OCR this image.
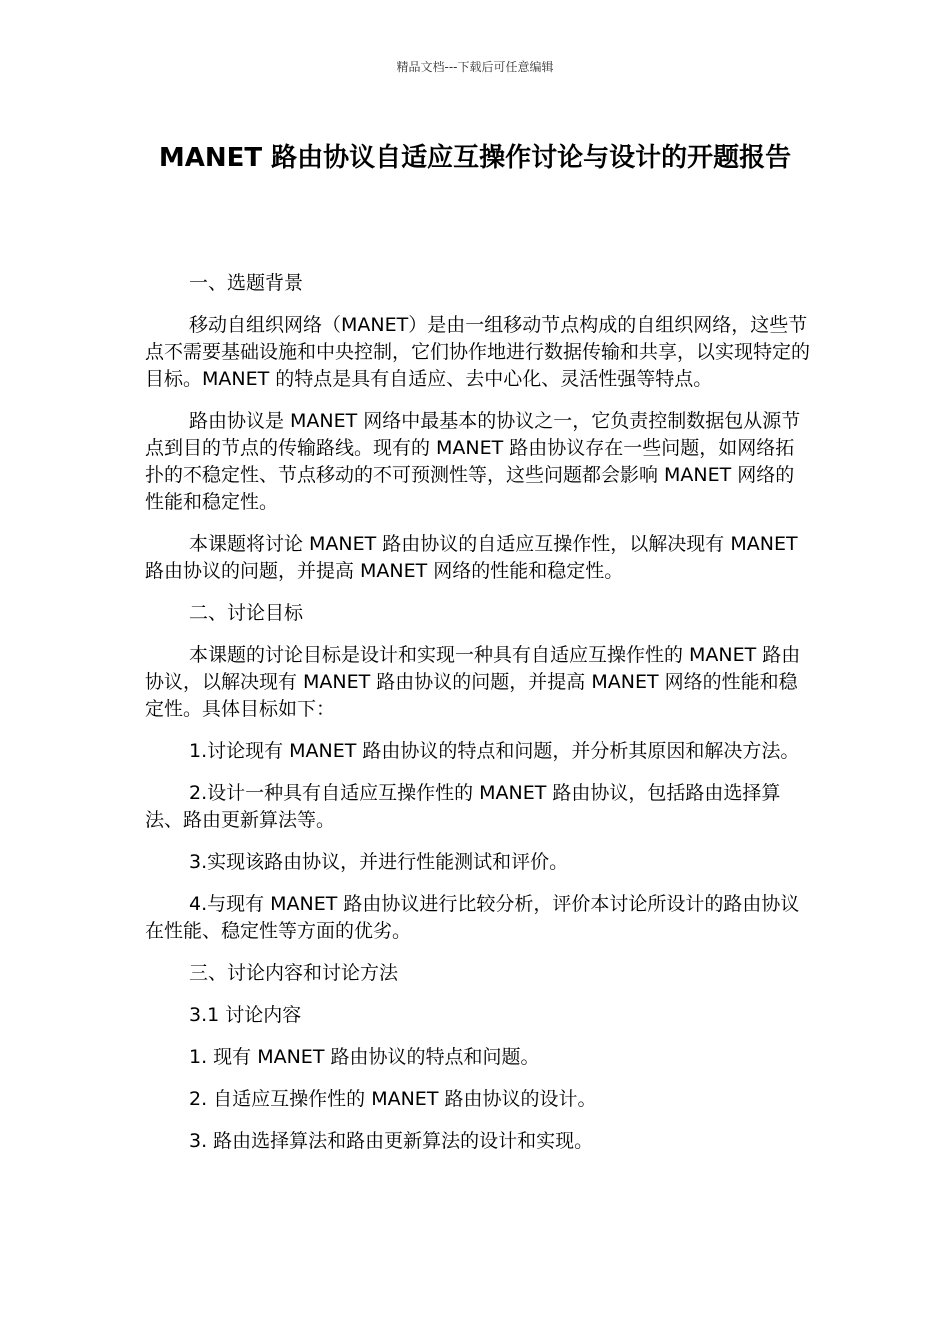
精品文档---下载后可任意编辑
MANET 路由协议自适应互操作讨论与设计的开题报告

一、选题背景

移动自组织网络（MANET）是由一组移动节点构成的自组织网络，这些节点不需要基础设施和中央控制，它们协作地进行数据传输和共享，以实现特定的目标。MANET 的特点是具有自适应、去中心化、灵活性强等特点。

路由协议是 MANET 网络中最基本的协议之一，它负责控制数据包从源节点到目的节点的传输路线。现有的 MANET 路由协议存在一些问题，如网络拓扑的不稳定性、节点移动的不可预测性等，这些问题都会影响 MANET 网络的性能和稳定性。

本课题将讨论 MANET 路由协议的自适应互操作性，以解决现有 MANET 路由协议的问题，并提高 MANET 网络的性能和稳定性。

二、讨论目标

本课题的讨论目标是设计和实现一种具有自适应互操作性的 MANET 路由协议，以解决现有 MANET 路由协议的问题，并提高 MANET 网络的性能和稳定性。具体目标如下：

1.讨论现有 MANET 路由协议的特点和问题，并分析其原因和解决方法。

2.设计一种具有自适应互操作性的 MANET 路由协议，包括路由选择算法、路由更新算法等。

3.实现该路由协议，并进行性能测试和评价。

4.与现有 MANET 路由协议进行比较分析，评价本讨论所设计的路由协议在性能、稳定性等方面的优劣。

三、讨论内容和讨论方法

3.1 讨论内容

1. 现有 MANET 路由协议的特点和问题。

2. 自适应互操作性的 MANET 路由协议的设计。

3. 路由选择算法和路由更新算法的设计和实现。
